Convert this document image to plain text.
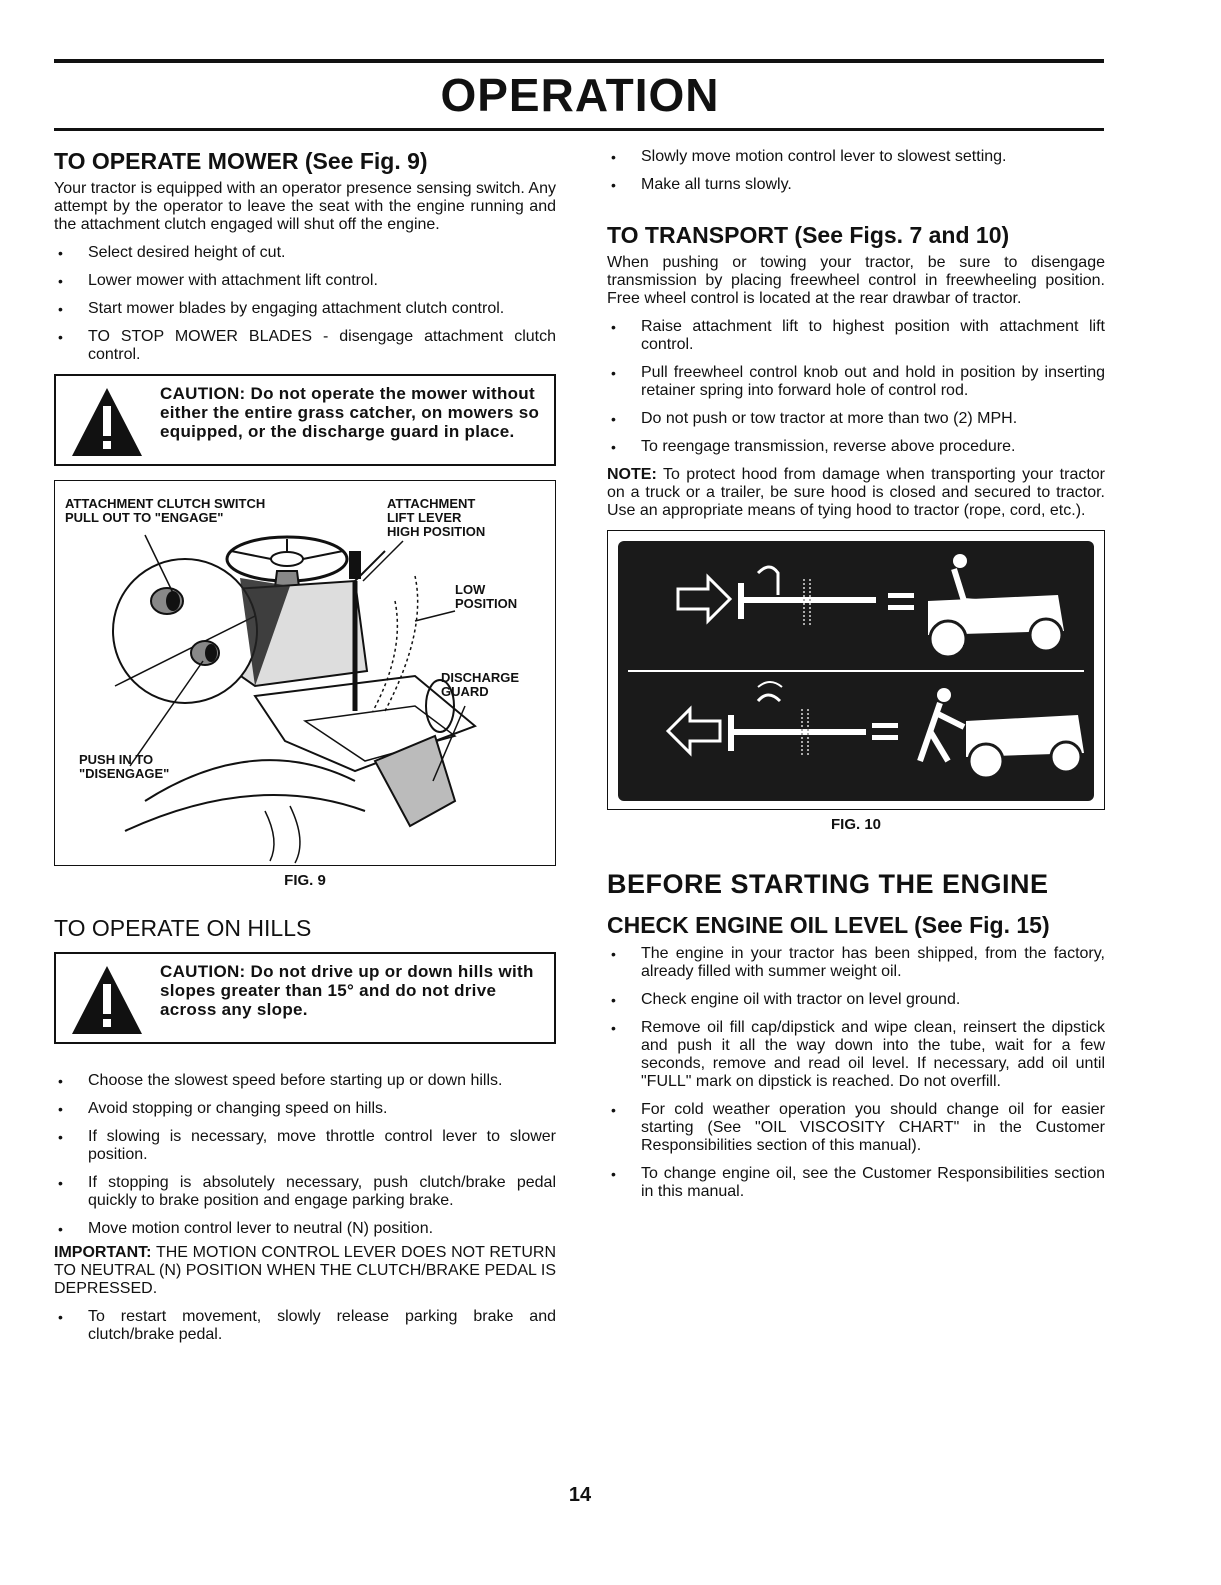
OPERATION
TO OPERATE MOWER (See Fig. 9)

Your tractor is equipped with an operator presence sensing switch. Any attempt by the operator to leave the seat with the engine running and the attachment clutch engaged will shut off the engine.

• Select desired height of cut.
• Lower mower with attachment lift control.
• Start mower blades by engaging attachment clutch control.
• TO STOP MOWER BLADES - disengage attachment clutch control.
CAUTION: Do not operate the mower without either the entire grass catcher, on mowers so equipped, or the discharge guard in place.
ATTACHMENT CLUTCH SWITCH
PULL OUT TO "ENGAGE"
ATTACHMENT
LIFT LEVER
HIGH POSITION
LOW
POSITION
DISCHARGE
GUARD
PUSH IN TO
"DISENGAGE"
FIG. 9
TO OPERATE ON HILLS
CAUTION: Do not drive up or down hills with slopes greater than 15° and do not drive across any slope.
• Choose the slowest speed before starting up or down hills.
• Avoid stopping or changing speed on hills.
• If slowing is necessary, move throttle control lever to slower position.
• If stopping is absolutely necessary, push clutch/brake pedal quickly to brake position and engage parking brake.
• Move motion control lever to neutral (N) position.

IMPORTANT: THE MOTION CONTROL LEVER DOES NOT RETURN TO NEUTRAL (N) POSITION WHEN THE CLUTCH/BRAKE PEDAL IS DEPRESSED.

• To restart movement, slowly release parking brake and clutch/brake pedal.
• Slowly move motion control lever to slowest setting.
• Make all turns slowly.
TO TRANSPORT (See Figs. 7 and 10)

When pushing or towing your tractor, be sure to disengage transmission by placing freewheel control in freewheeling position. Free wheel control is located at the rear drawbar of tractor.

• Raise attachment lift to highest position with attachment lift control.
• Pull freewheel control knob out and hold in position by inserting retainer spring into forward hole of control rod.
• Do not push or tow tractor at more than two (2) MPH.
• To reengage transmission, reverse above procedure.

NOTE: To protect hood from damage when transporting your tractor on a truck or a trailer, be sure hood is closed and secured to tractor. Use an appropriate means of tying hood to tractor (rope, cord, etc.).

FIG. 10
BEFORE STARTING THE ENGINE
CHECK ENGINE OIL LEVEL (See Fig. 15)
• The engine in your tractor has been shipped, from the factory, already filled with summer weight oil.
• Check engine oil with tractor on level ground.
• Remove oil fill cap/dipstick and wipe clean, reinsert the dipstick and push it all the way down into the tube, wait for a few seconds, remove and read oil level. If necessary, add oil until "FULL" mark on dipstick is reached. Do not overfill.
• For cold weather operation you should change oil for easier starting (See "OIL VISCOSITY CHART" in the Customer Responsibilities section of this manual).
• To change engine oil, see the Customer Responsibilities section in this manual.
14
